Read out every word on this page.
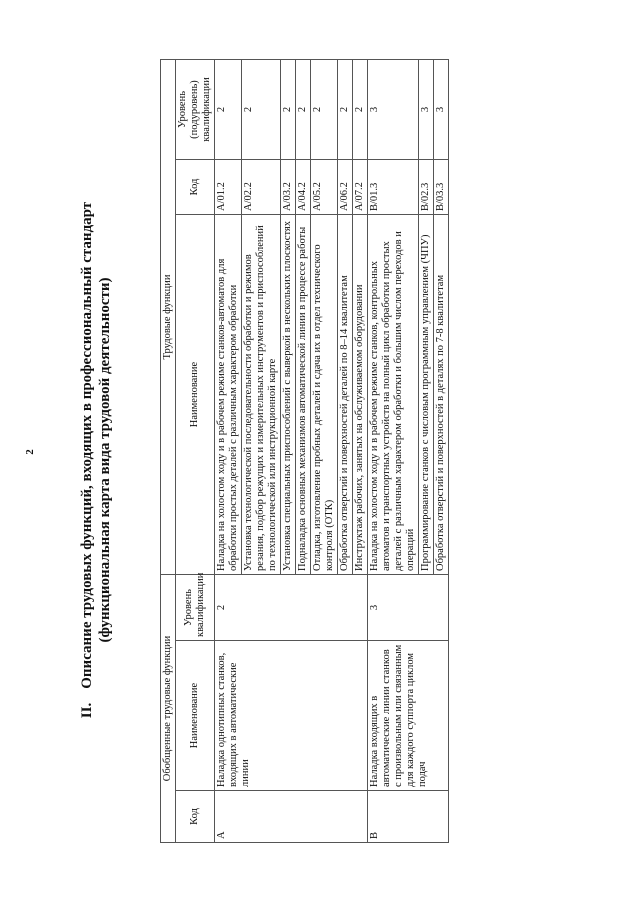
2
II.Описание трудовых функций, входящих в профессиональный стандарт (функциональная карта вида трудовой деятельности)
Обобщенные трудовые функции			Трудовые функции		
Код	Наименование	Уровень квалификации	Наименование	Код	Уровень (подуровень) квалификации
A	Наладка однотипных станков, входящих в автоматические линии	2	Наладка на холостом ходу и в рабочем режиме станков-автоматов для обработки простых деталей с различным характером обработки	A/01.2	2
			Установка технологической последовательности обработки и режимов резания, подбор режущих и измерительных инструментов и приспособлений по технологической или инструкционной карте	A/02.2	2
			Установка специальных приспособлений с выверкой в нескольких плоскостях	A/03.2	2
			Подналадка основных механизмов автоматической линии в процессе работы	A/04.2	2
			Отладка, изготовление пробных деталей и сдача их в отдел технического контроля (ОТК)	A/05.2	2
			Обработка отверстий и поверхностей деталей по 8–14 квалитетам	A/06.2	2
			Инструктаж рабочих, занятых на обслуживаемом оборудовании	A/07.2	2
B	Наладка входящих в автоматические линии станков с произвольным или связанным для каждого суппорта циклом подач	3	Наладка на холостом ходу и в рабочем режиме станков, контрольных автоматов и транспортных устройств на полный цикл обработки простых деталей с различным характером обработки и большим числом переходов и операций	B/01.3	3
			Программирование станков с числовым программным управлением (ЧПУ)	B/02.3	3
			Обработка отверстий и поверхностей в деталях по 7-8 квалитетам	B/03.3	3
